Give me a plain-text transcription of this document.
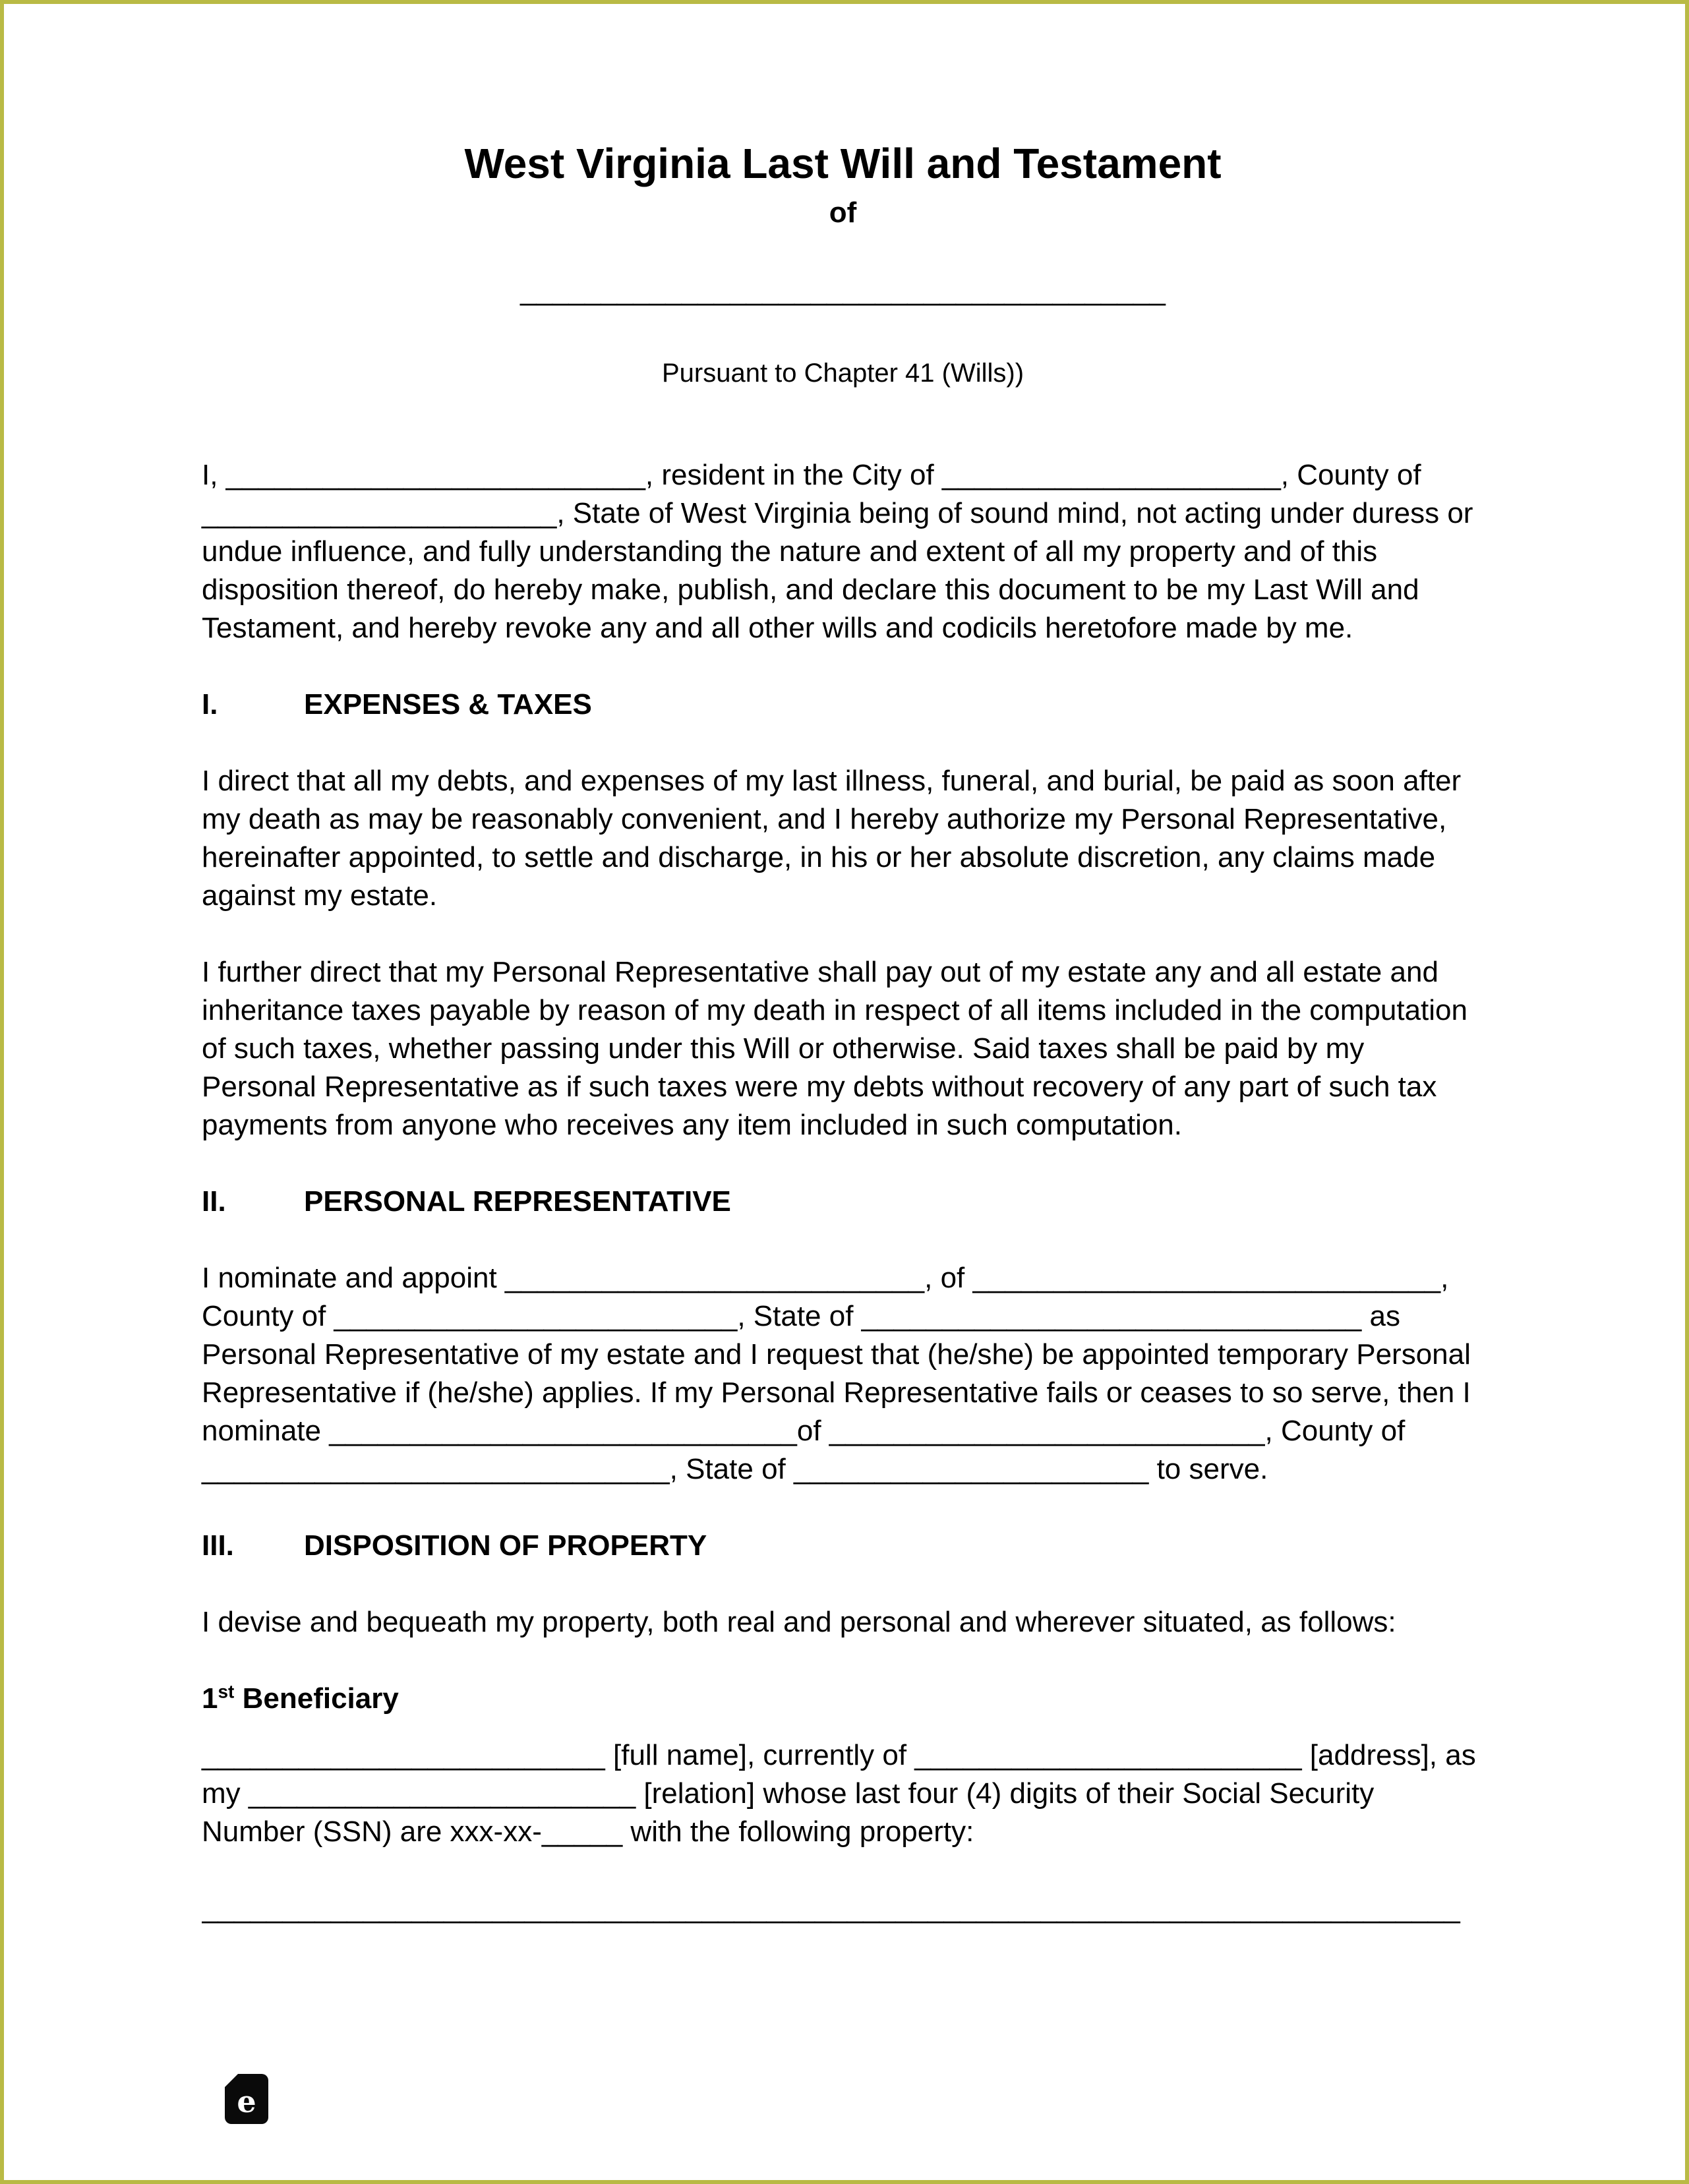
West Virginia Last Will and Testament
of
________________________________________
Pursuant to Chapter 41 (Wills))

I, __________________________, resident in the City of _____________________, County of ______________________, State of West Virginia being of sound mind, not acting under duress or undue influence, and fully understanding the nature and extent of all my property and of this disposition thereof, do hereby make, publish, and declare this document to be my Last Will and Testament, and hereby revoke any and all other wills and codicils heretofore made by me.

I.	EXPENSES & TAXES

I direct that all my debts, and expenses of my last illness, funeral, and burial, be paid as soon after my death as may be reasonably convenient, and I hereby authorize my Personal Representative, hereinafter appointed, to settle and discharge, in his or her absolute discretion, any claims made against my estate.

I further direct that my Personal Representative shall pay out of my estate any and all estate and inheritance taxes payable by reason of my death in respect of all items included in the computation of such taxes, whether passing under this Will or otherwise. Said taxes shall be paid by my Personal Representative as if such taxes were my debts without recovery of any part of such tax payments from anyone who receives any item included in such computation.

II.	PERSONAL REPRESENTATIVE

I nominate and appoint __________________________, of _____________________________, County of _________________________, State of _______________________________ as Personal Representative of my estate and I request that (he/she) be appointed temporary Personal Representative if (he/she) applies. If my Personal Representative fails or ceases to so serve, then I nominate _____________________________of ___________________________, County of _____________________________, State of ______________________ to serve.

III.	DISPOSITION OF PROPERTY

I devise and bequeath my property, both real and personal and wherever situated, as follows:

1st Beneficiary

_________________________ [full name], currently of ________________________ [address], as my ________________________ [relation] whose last four (4) digits of their Social Security Number (SSN) are xxx-xx-_____ with the following property:

______________________________________________________________________________
e
